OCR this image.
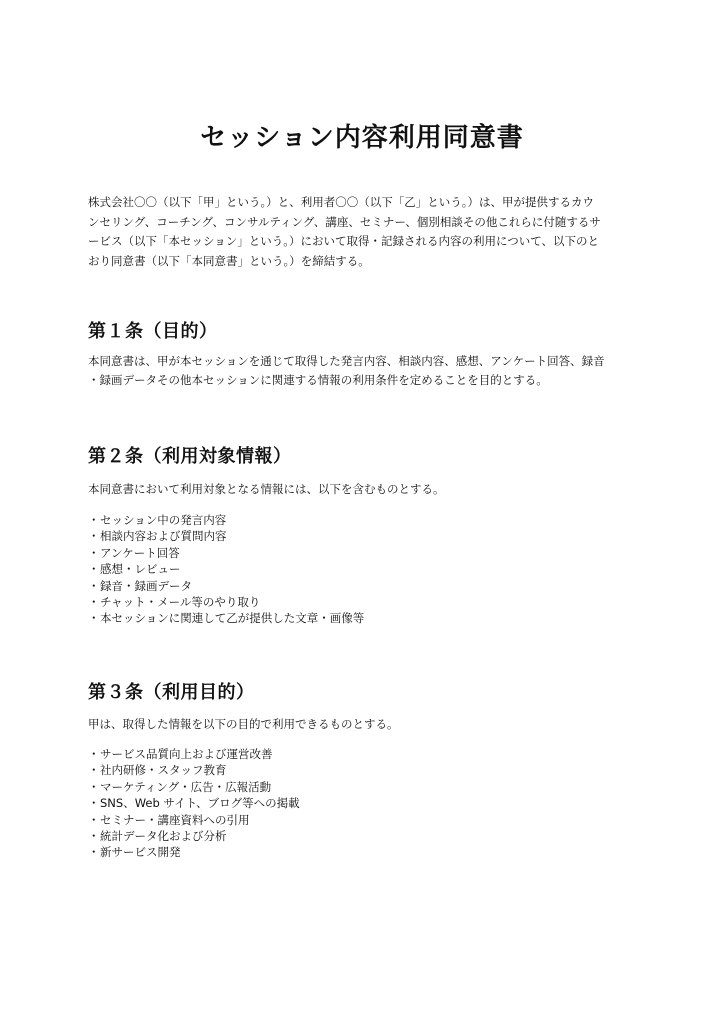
セッション内容利用同意書

株式会社〇〇（以下「甲」という。）と、利用者〇〇（以下「乙」という。）は、甲が提供するカウ
ンセリング、コーチング、コンサルティング、講座、セミナー、個別相談その他これらに付随するサ
ービス（以下「本セッション」という。）において取得・記録される内容の利用について、以下のと
おり同意書（以下「本同意書」という。）を締結する。

第１条（目的）

本同意書は、甲が本セッションを通じて取得した発言内容、相談内容、感想、アンケート回答、録音
・録画データその他本セッションに関連する情報の利用条件を定めることを目的とする。

第２条（利用対象情報）

本同意書において利用対象となる情報には、以下を含むものとする。

・セッション中の発言内容
・相談内容および質問内容
・アンケート回答
・感想・レビュー
・録音・録画データ
・チャット・メール等のやり取り
・本セッションに関連して乙が提供した文章・画像等
第３条（利用目的）

甲は、取得した情報を以下の目的で利用できるものとする。

・サービス品質向上および運営改善
・社内研修・スタッフ教育
・マーケティング・広告・広報活動
・SNS、Web サイト、ブログ等への掲載
・セミナー・講座資料への引用
・統計データ化および分析
・新サービス開発
